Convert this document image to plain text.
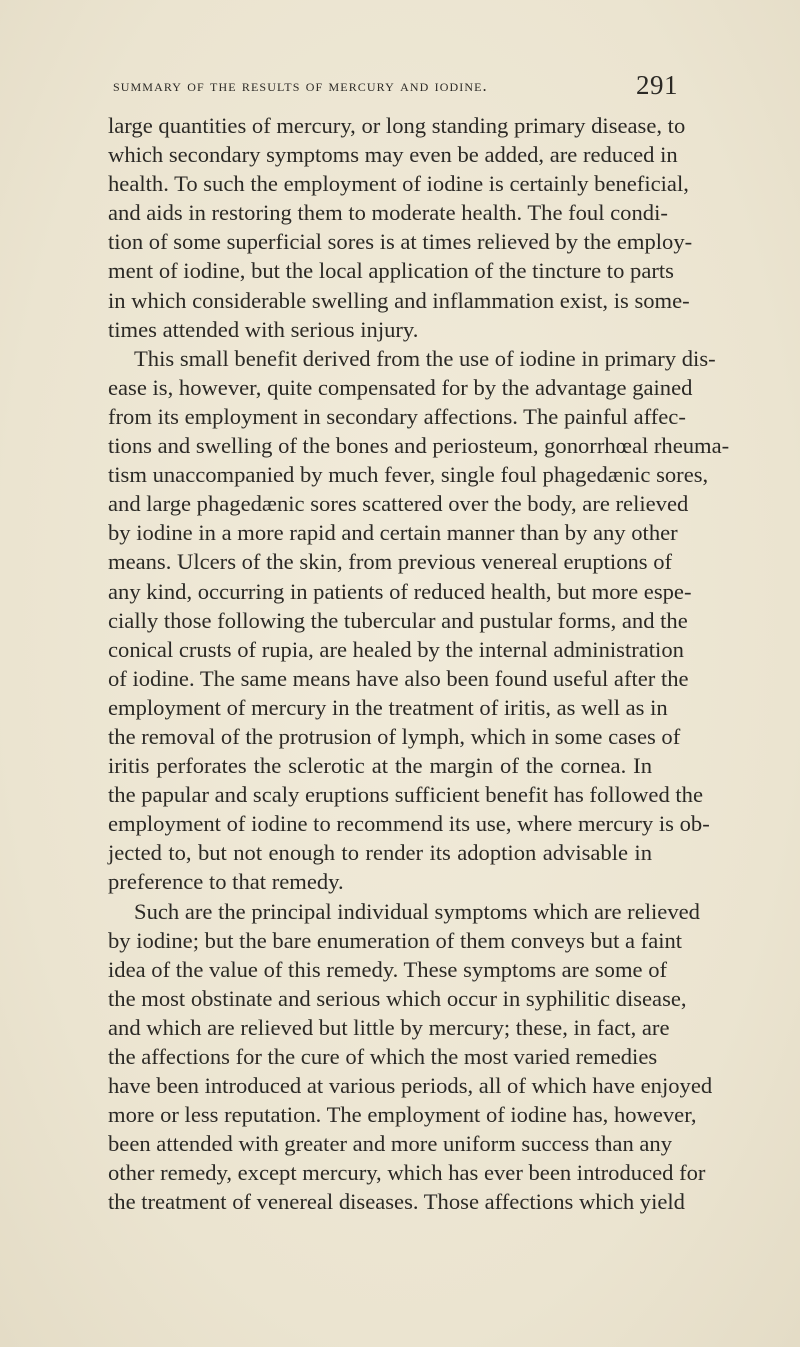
summary of the results of mercury and iodine.	291
large quantities of mercury, or long standing primary disease, to
which secondary symptoms may even be added, are reduced in
health. To such the employment of iodine is certainly beneficial,
and aids in restoring them to moderate health. The foul condi-
tion of some superficial sores is at times relieved by the employ-
ment of iodine, but the local application of the tincture to parts
in which considerable swelling and inflammation exist, is some-
times attended with serious injury.
This small benefit derived from the use of iodine in primary dis-
ease is, however, quite compensated for by the advantage gained
from its employment in secondary affections. The painful affec-
tions and swelling of the bones and periosteum, gonorrhœal rheuma-
tism unaccompanied by much fever, single foul phagedænic sores,
and large phagedænic sores scattered over the body, are relieved
by iodine in a more rapid and certain manner than by any other
means. Ulcers of the skin, from previous venereal eruptions of
any kind, occurring in patients of reduced health, but more espe-
cially those following the tubercular and pustular forms, and the
conical crusts of rupia, are healed by the internal administration
of iodine. The same means have also been found useful after the
employment of mercury in the treatment of iritis, as well as in
the removal of the protrusion of lymph, which in some cases of
iritis perforates the sclerotic at the margin of the cornea. In
the papular and scaly eruptions sufficient benefit has followed the
employment of iodine to recommend its use, where mercury is ob-
jected to, but not enough to render its adoption advisable in
preference to that remedy.
Such are the principal individual symptoms which are relieved
by iodine; but the bare enumeration of them conveys but a faint
idea of the value of this remedy. These symptoms are some of
the most obstinate and serious which occur in syphilitic disease,
and which are relieved but little by mercury; these, in fact, are
the affections for the cure of which the most varied remedies
have been introduced at various periods, all of which have enjoyed
more or less reputation. The employment of iodine has, however,
been attended with greater and more uniform success than any
other remedy, except mercury, which has ever been introduced for
the treatment of venereal diseases. Those affections which yield
